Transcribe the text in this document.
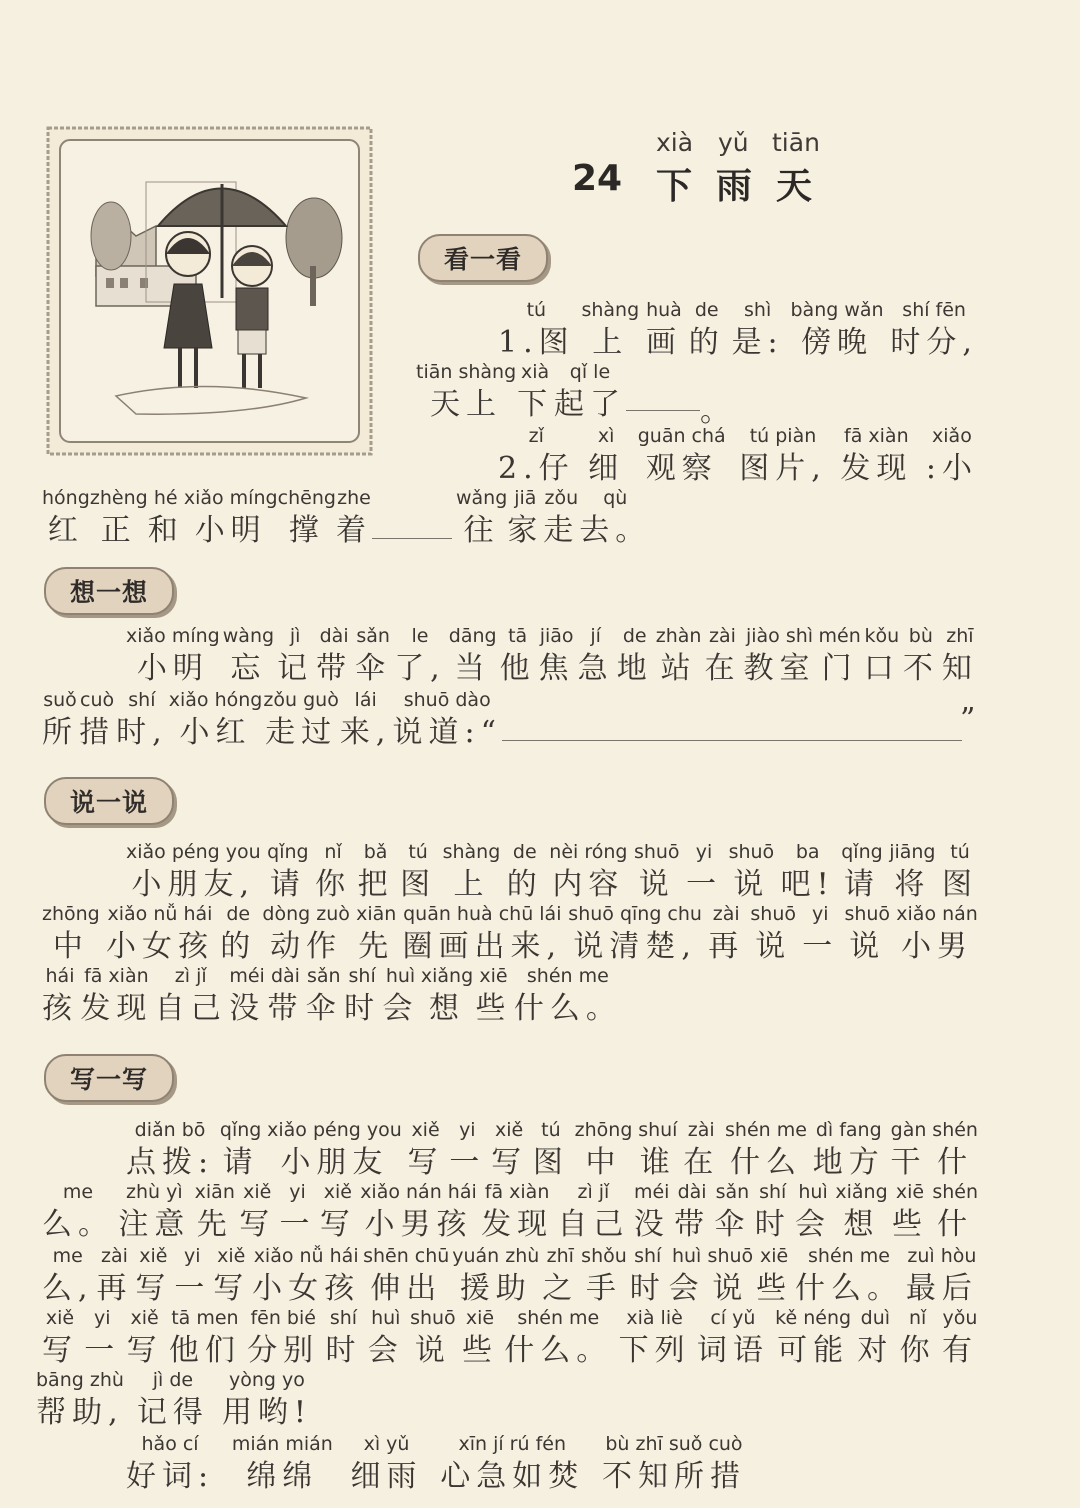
xià yǔ tiān
24 下 雨 天
看一看
想一想
说一说
写一写
tú
1.图
shàng
上
huà
画
de
的
shì
是:
bàng wǎn
傍晚
shí fēn
时分,
tiān shàng
天上
xià
下
qǐ le
起了 。
zǐ
2.仔
xì
细
guān chá
观察
tú piàn
图片,
fā xiàn
发现
xiǎo
:小
hóng
红
zhèng
正
hé
和
xiǎo míng
小明
chēng
撑
zhe
着
wǎng
往
jiā
家
zǒu
走
qù
去。
xiǎo míng
小明
wàng
忘
jì
记
dài
带
sǎn
伞
le
了,
dāng
当
tā
他
jiāo
焦
jí
急
de
地
zhàn
站
zài
在
jiào shì
教室
mén
门
kǒu
口
bù
不
zhī
知
suǒ
所
cuò
措
shí
时,
xiǎo hóng
小红
zǒu guò
走过
lái
来,
shuō dào
说道:“	”
xiǎo péng you
小朋友,
qǐng
请
nǐ
你
bǎ
把
tú
图
shàng
上
de
的
nèi róng
内容
shuō
说
yi
一
shuō
说
ba
吧!
qǐng
请
jiāng
将
tú
图
zhōng
中
xiǎo nǚ hái
小女孩
de
的
dòng zuò
动作
xiān
先
quān huà chū lái
圈画出来,
shuō qīng chu
说清楚,
zài
再
shuō
说
yi
一
shuō
说
xiǎo nán
小男
hái
孩
fā xiàn
发现
zì jǐ
自己
méi
没
dài
带
sǎn
伞
shí
时
huì
会
xiǎng
想
xiē
些
shén me
什么。
diǎn bō
点拨:
qǐng
请
xiǎo péng you
小朋友
xiě
写
yi
一
xiě
写
tú
图
zhōng
中
shuí
谁
zài
在
shén me
什么
dì fang
地方
gàn
干
shén
什
me
么。
zhù yì
注意
xiān
先
xiě
写
yi
一
xiě
写
xiǎo nán hái
小男孩
fā xiàn
发现
zì jǐ
自己
méi
没
dài
带
sǎn
伞
shí
时
huì
会
xiǎng
想
xiē
些
shén
什
me
么,
zài
再
xiě
写
yi
一
xiě
写
xiǎo nǚ hái
小女孩
shēn chū
伸出
yuán zhù
援助
zhī
之
shǒu
手
shí
时
huì
会
shuō
说
xiē
些
shén me
什么。
zuì hòu
最后
xiě
写
yi
一
xiě
写
tā men
他们
fēn bié
分别
shí
时
huì
会
shuō
说
xiē
些
shén me
什么。
xià liè
下列
cí yǔ
词语
kě néng
可能
duì
对
nǐ
你
yǒu
有
bāng zhù
帮助,
jì de
记得
yòng yo
用哟!
hǎo cí
好词:
mián mián
绵绵
xì yǔ
细雨
xīn jí rú fén
心急如焚
bù zhī suǒ cuò
不知所措
